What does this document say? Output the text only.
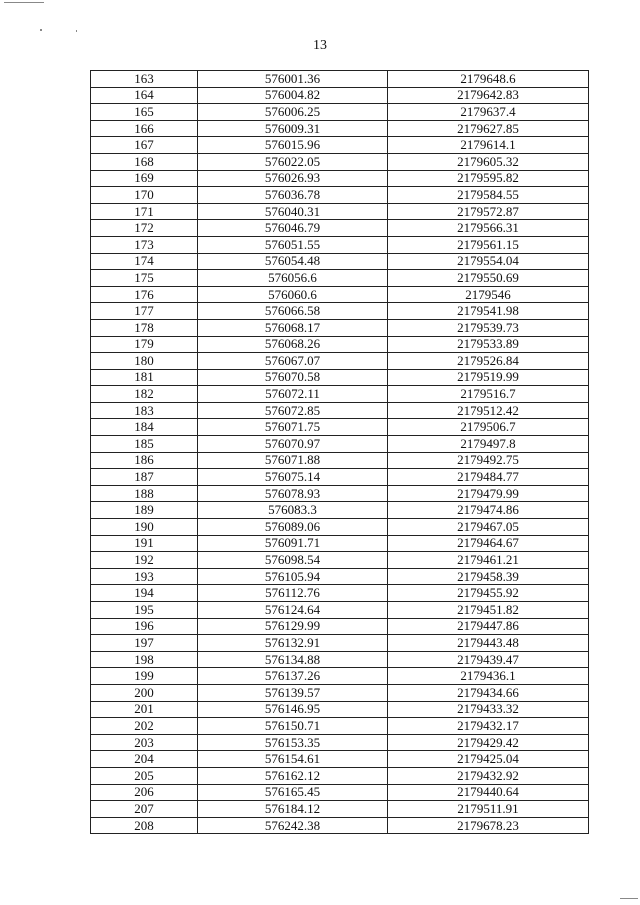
13
163	576001.36	2179648.6
164	576004.82	2179642.83
165	576006.25	2179637.4
166	576009.31	2179627.85
167	576015.96	2179614.1
168	576022.05	2179605.32
169	576026.93	2179595.82
170	576036.78	2179584.55
171	576040.31	2179572.87
172	576046.79	2179566.31
173	576051.55	2179561.15
174	576054.48	2179554.04
175	576056.6	2179550.69
176	576060.6	2179546
177	576066.58	2179541.98
178	576068.17	2179539.73
179	576068.26	2179533.89
180	576067.07	2179526.84
181	576070.58	2179519.99
182	576072.11	2179516.7
183	576072.85	2179512.42
184	576071.75	2179506.7
185	576070.97	2179497.8
186	576071.88	2179492.75
187	576075.14	2179484.77
188	576078.93	2179479.99
189	576083.3	2179474.86
190	576089.06	2179467.05
191	576091.71	2179464.67
192	576098.54	2179461.21
193	576105.94	2179458.39
194	576112.76	2179455.92
195	576124.64	2179451.82
196	576129.99	2179447.86
197	576132.91	2179443.48
198	576134.88	2179439.47
199	576137.26	2179436.1
200	576139.57	2179434.66
201	576146.95	2179433.32
202	576150.71	2179432.17
203	576153.35	2179429.42
204	576154.61	2179425.04
205	576162.12	2179432.92
206	576165.45	2179440.64
207	576184.12	2179511.91
208	576242.38	2179678.23
